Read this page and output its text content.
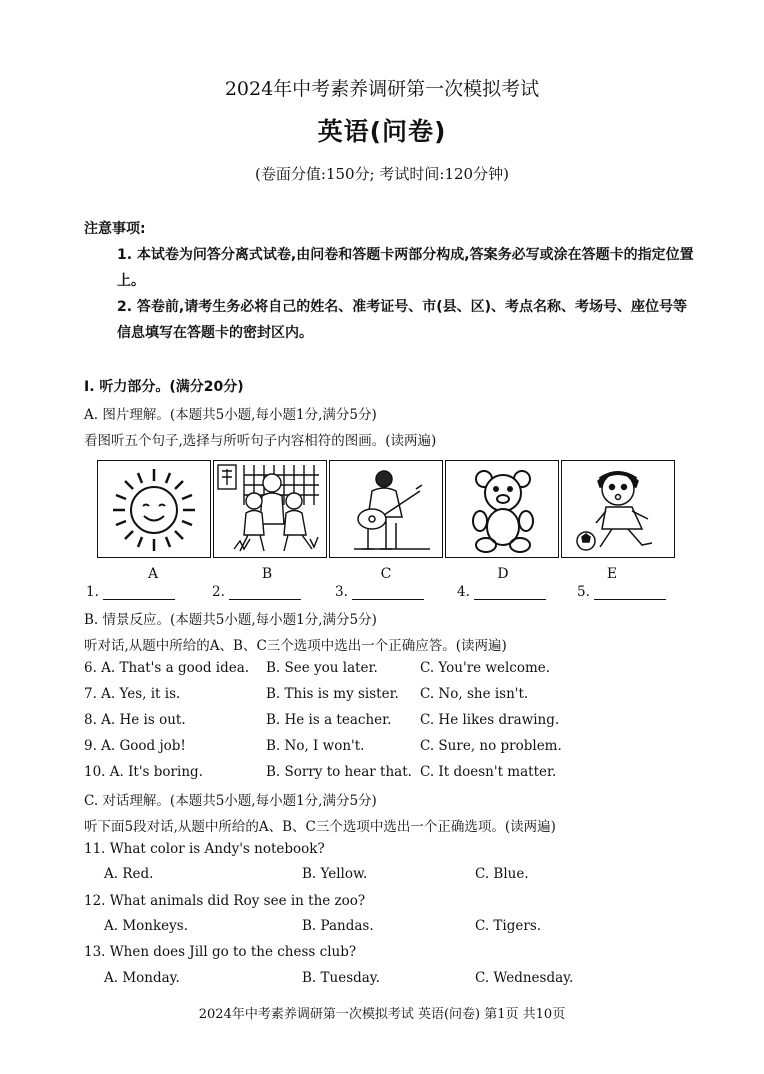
2024年中考素养调研第一次模拟考试
英语(问卷)
(卷面分值:150分; 考试时间:120分钟)
注意事项:
1. 本试卷为问答分离式试卷,由问卷和答题卡两部分构成,答案务必写或涂在答题卡的指定位置上。
2. 答卷前,请考生务必将自己的姓名、准考证号、市(县、区)、考点名称、考场号、座位号等信息填写在答题卡的密封区内。
Ⅰ. 听力部分。(满分20分)
A. 图片理解。(本题共5小题,每小题1分,满分5分)
看图听五个句子,选择与所听句子内容相符的图画。(读两遍)
A	B	C	D	E
1.	2.	3.	4.	5.
B. 情景反应。(本题共5小题,每小题1分,满分5分)
听对话,从题中所给的A、B、C三个选项中选出一个正确应答。(读两遍)
6. A. That's a good idea. B. See you later.	C. You're welcome.
7. A. Yes, it is.	B. This is my sister. C. No, she isn't.
8. A. He is out.	B. He is a teacher. C. He likes drawing.
9. A. Good job!	B. No, I won't.	C. Sure, no problem.
10. A. It's boring.	B. Sorry to hear that. C. It doesn't matter.
C. 对话理解。(本题共5小题,每小题1分,满分5分)
听下面5段对话,从题中所给的A、B、C三个选项中选出一个正确选项。(读两遍)
11. What color is Andy's notebook?
A. Red.	B. Yellow.	C. Blue.
12. What animals did Roy see in the zoo?
A. Monkeys.	B. Pandas.	C. Tigers.
13. When does Jill go to the chess club?
A. Monday.	B. Tuesday.	C. Wednesday.
2024年中考素养调研第一次模拟考试 英语(问卷) 第1页 共10页
